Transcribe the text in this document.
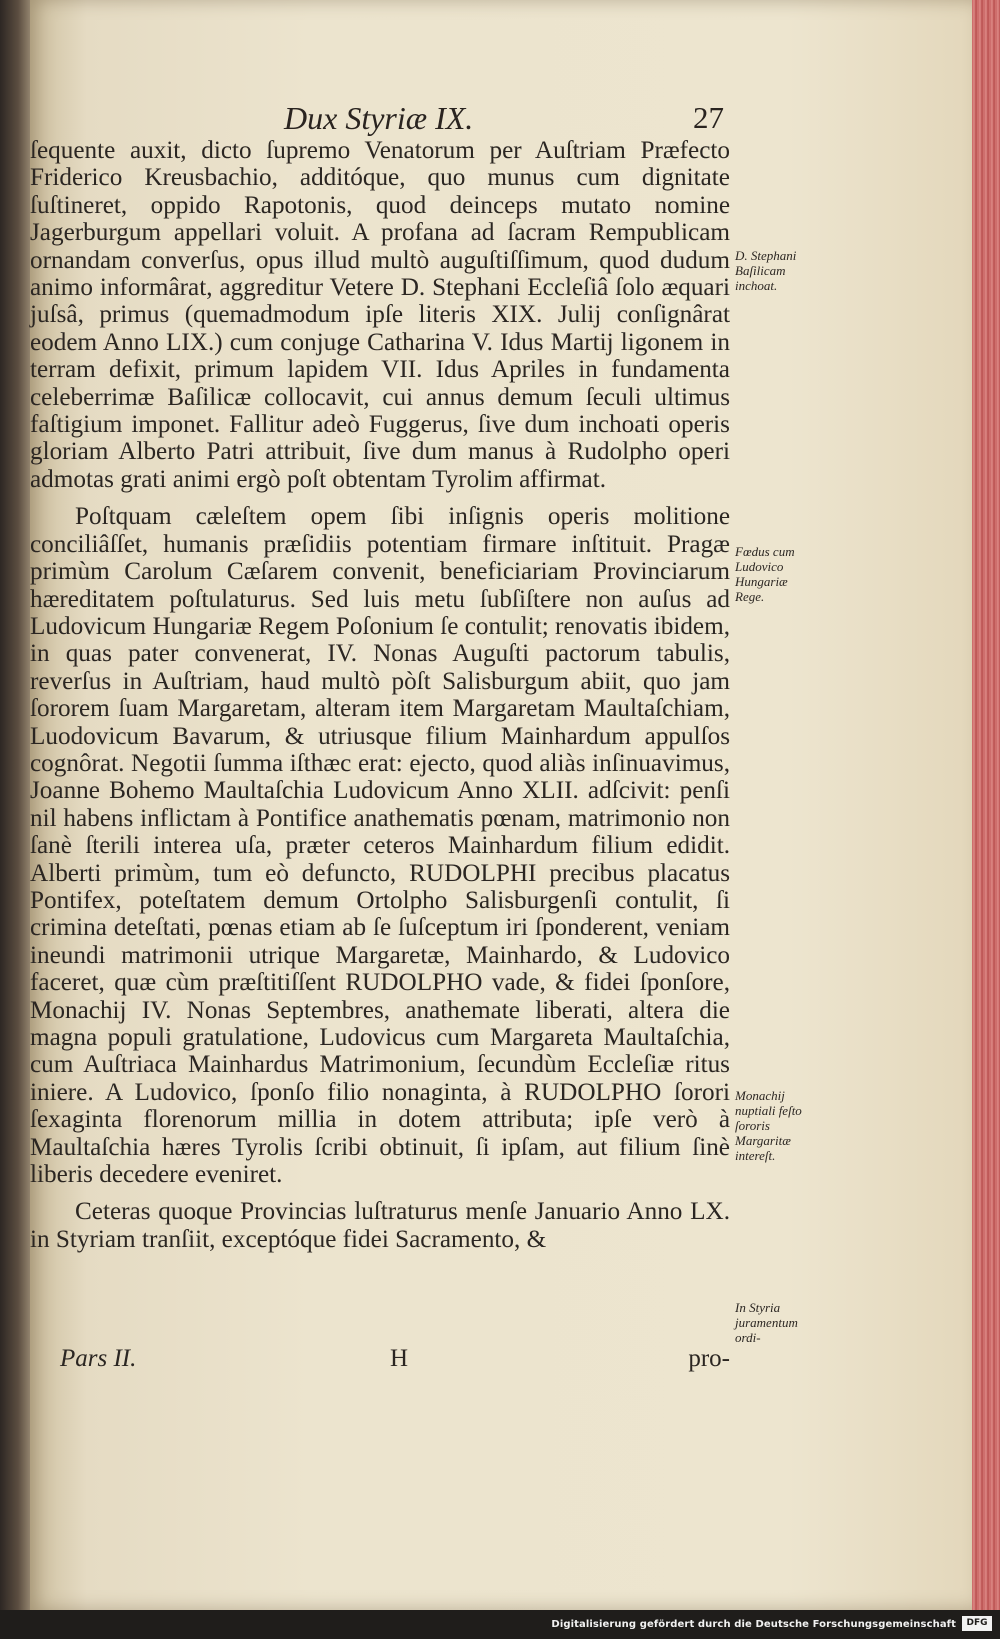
Dux Styriæ IX.	27

ſequente auxit, dicto ſupremo Venatorum per Auſtriam Præfecto Friderico Kreusbachio, additóque, quo munus cum dignitate ſuſtineret, oppido Rapotonis, quod deinceps mutato nomine Jagerburgum appellari voluit. A profana ad ſacram Rempublicam ornandam converſus, opus illud multò auguſtiſſimum, quod dudum animo informârat, aggreditur Vetere D. Stephani Eccleſiâ ſolo æquari juſsâ, primus (quemadmodum ipſe literis XIX. Julij conſignârat eodem Anno LIX.) cum conjuge Catharina V. Idus Martij ligonem in terram defixit, primum lapidem VII. Idus Apriles in fundamenta celeberrimæ Baſilicæ collocavit, cui annus demum ſeculi ultimus faſtigium imponet. Fallitur adeò Fuggerus, ſive dum inchoati operis gloriam Alberto Patri attribuit, ſive dum manus à Rudolpho operi admotas grati animi ergò poſt obtentam Tyrolim affirmat.

Poſtquam cæleſtem opem ſibi inſignis operis molitione conciliâſſet, humanis præſidiis potentiam firmare inſtituit. Pragæ primùm Carolum Cæſarem convenit, beneficiariam Provinciarum hæreditatem poſtulaturus. Sed luis metu ſubſiſtere non auſus ad Ludovicum Hungariæ Regem Poſonium ſe contulit; renovatis ibidem, in quas pater convenerat, IV. Nonas Auguſti pactorum tabulis, reverſus in Auſtriam, haud multò pòſt Salisburgum abiit, quo jam ſororem ſuam Margaretam, alteram item Margaretam Maultaſchiam, Luodovicum Bavarum, & utriusque filium Mainhardum appulſos cognôrat. Negotii ſumma iſthæc erat: ejecto, quod aliàs inſinuavimus, Joanne Bohemo Maultaſchia Ludovicum Anno XLII. adſcivit: penſi nil habens inflictam à Pontifice anathematis pœnam, matrimonio non ſanè ſterili interea uſa, præter ceteros Mainhardum filium edidit. Alberti primùm, tum eò defuncto, RUDOLPHI precibus placatus Pontifex, poteſtatem demum Ortolpho Salisburgenſi contulit, ſi crimina deteſtati, pœnas etiam ab ſe ſuſceptum iri ſponderent, veniam ineundi matrimonii utrique Margaretæ, Mainhardo, & Ludovico faceret, quæ cùm præſtitiſſent RUDOLPHO vade, & fidei ſponſore, Monachij IV. Nonas Septembres, anathemate liberati, altera die magna populi gratulatione, Ludovicus cum Margareta Maultaſchia, cum Auſtriaca Mainhardus Matrimonium, ſecundùm Eccleſiæ ritus iniere. A Ludovico, ſponſo filio nonaginta, à RUDOLPHO ſorori ſexaginta florenorum millia in dotem attributa; ipſe verò à Maultaſchia hæres Tyrolis ſcribi obtinuit, ſi ipſam, aut filium ſinè liberis decedere eveniret.

Ceteras quoque Provincias luſtraturus menſe Januario Anno LX. in Styriam tranſiit, exceptóque fidei Sacramento, &

D. Stephani Baſilicam inchoat.
Fœdus cum Ludovico Hungariæ Rege.
Monachij nuptiali feſto ſororis Margaritæ intereſt.
In Styria juramentum ordi-
Pars II.	H	pro-
Digitalisierung gefördert durch die Deutsche Forschungsgemeinschaft	DFG
